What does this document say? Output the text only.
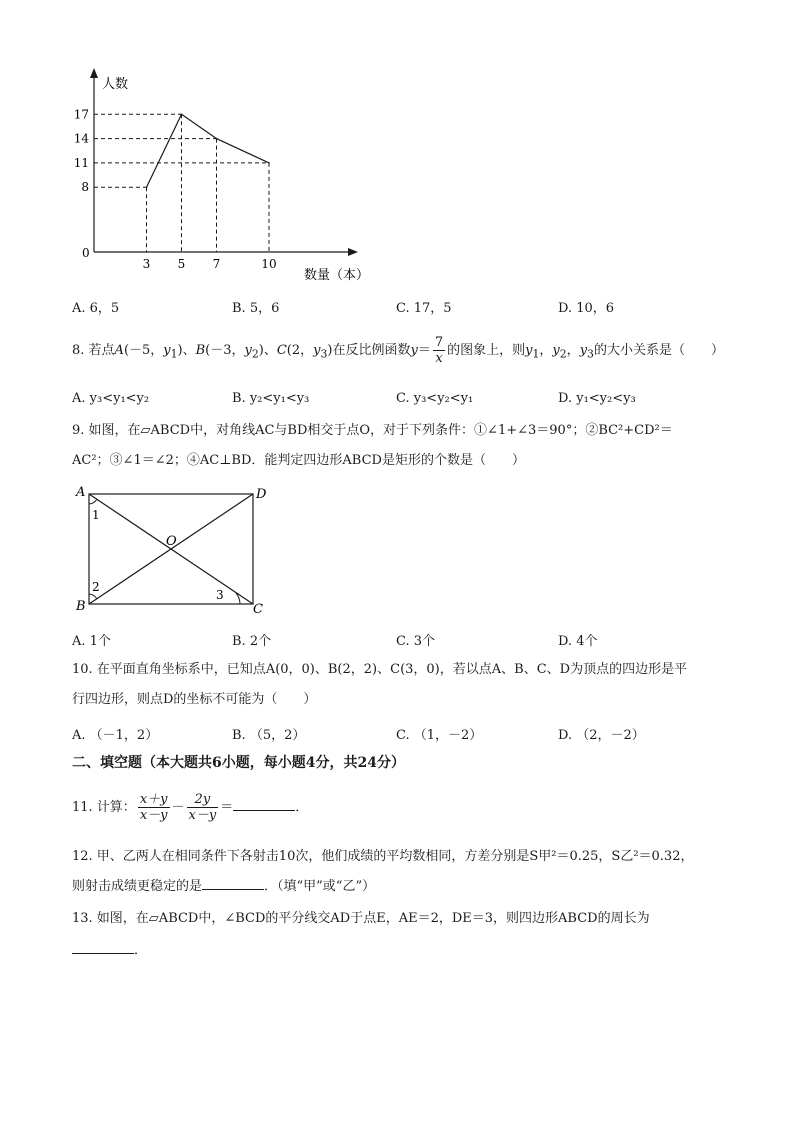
人数
数量（本）
0
3 5 7	10
17
14
11
8
A. 6，5	B. 5，6	C. 17，5	D. 10，6
8. 若点A(－5，$y_1$)、B(－3，$y_2$)、C(2，$y_3$)在反比例函数$y= \frac{7}{x}$ 的图象上，则$y_1$，$y_2$，$y_3$的大小关系是（　　）
A. y₃<y₁<y₂	B. y₂<y₁<y₃	C. y₃<y₂<y₁	D. y₁<y₂<y₃
9. 如图，在▱ABCD中，对角线AC与BD相交于点O，对于下列条件：①∠1+∠3＝90°；②BC²+CD²＝
AC²；③∠1＝∠2；④AC⊥BD．能判定四边形ABCD是矩形的个数是（　　）
A	D
B	C
O
1
2
3
A. 1个	B. 2个	C. 3个	D. 4个
10. 在平面直角坐标系中，已知点A(0，0)、B(2，2)、C(3，0)，若以点A、B、C、D为顶点的四边形是平
行四边形，则点D的坐标不可能为（　　）
A. （－1，2）	B. （5，2）	C. （1，－2）	D. （2，－2）
二、填空题（本大题共6小题，每小题4分，共24分）
11. 计算： $\frac{x+y}{x-y} - \frac{2y}{x-y}$ ＝	．
12. 甲、乙两人在相同条件下各射击10次，他们成绩的平均数相同，方差分别是S甲²＝0.25，S乙²＝0.32，
则射击成绩更稳定的是	．（填“甲”或“乙”）
13. 如图，在▱ABCD中，∠BCD的平分线交AD于点E，AE＝2，DE＝3，则四边形ABCD的周长为
．
